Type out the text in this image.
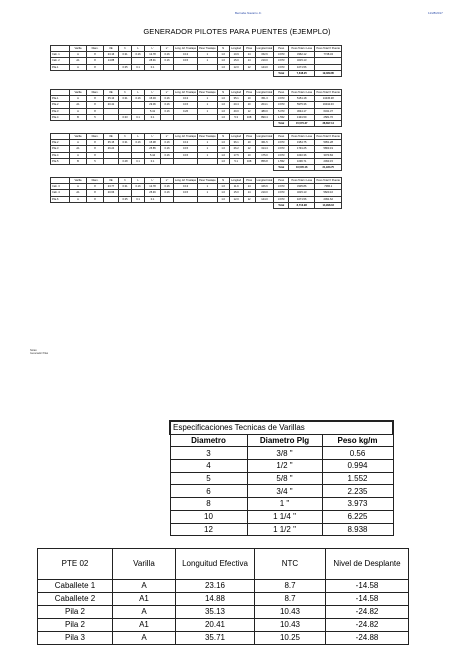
Bernabe Navarro Jr.	11/28/2017
GENERADOR PILOTES PARA PUENTES (EJEMPLO)
	Varilla	Diam.	#E	h	L	L'	L''	Long. Ef. Traslape	Peso Traslape	N	Longitud	Pzas	Longitud total	Peso	Peso Total x Losa	Peso Total X Puente
Cab. 1	A	8	23.16	0.31	0.16	12.78	0.16	0.13	1	1.0	10.9	14	152.6	3.973	3362.12	7748.34
Cab. 2	A1	8	14.88			28.91	0.16	0.15	1	1.0	15.0	14	210.0	3.973	3215.13	
Pila 1	A	8		0.35	0.1	0.1				1.0	12.0	12	144.0	3.973	1071.56	
														Total	7,648.25	19,089.85
	Varilla	Diam.	#E	h	L	L'	L''	Long. Ef. Traslape	Peso Traslape	N	Longitud	Pzas	Longitud total	Peso	Peso Total x Losa	Peso Total X Puente
Pila 1	A	8	35.13	0.31	0.16	15.03	0.16	0.13	1	1.0	35.1	10	351.3	3.973	5151.18	13445.28
Pila 2	A1	8	20.41			29.06	0.16	0.15	1	1.0	20.4	10	204.1	3.973	5975.36	16042.03
Pila 3	A	8				5.41	0.16	0.26	1	1.0	40.0	12	480.0	5.373	3044.17	6341.37
Pila 4	B	5		0.33	0.1	0.1				1.0	5.3	168	890.4	1.552	1391.59	2581.76
														Total	15,570.37	38,897.14
	Varilla	Diam.	#E	h	L	L'	L''	Long. Ef. Traslape	Peso Traslape	N	Longitud	Pzas	Longitud total	Peso	Peso Total x Losa	Peso Total X Puente
Pila 2	A	8	35.15	0.31	0.16	15.38	0.16	0.13	1	1.0	36.1	10	361.5	3.973	1954.75	5951.28
Pila 3	A1	8	26.24			25.85	0.16	0.15	1	1.0	26.2	12	314.4	3.973	1791.25	5863.19
Pila 4	A	8				5.44	0.16	0.15	1	1.0	17.5	10	175.0	3.973	1040.36	3073.84
Pila 5	B	5		0.28	0.1	0.1				1.0	5.1	168	856.8	1.552	1096.71	2093.15
														Total	10,505.16	21,933.75
	Varilla	Diam.	#E	h	L	L'	L''	Long. Ef. Traslape	Peso Traslape	N	Longitud	Pzas	Longitud total	Peso	Peso Total x Losa	Peso Total X Puente
Cab. 3	A	8	23.77	0.31	0.16	12.78	0.16	0.13	1	1.0	11.9	14	166.6	3.973	3335.86	7086.1
Cab. 4	A1	8	20.66			25.46	0.16	0.15	1	1.0	15.0	14	210.0	3.973	3215.13	5820.16
Pila 6	A	8		0.35	0.1	0.1				1.0	12.0	12	144.0	3.973	1071.56	2091.62
														Total	8,713.98	14,998.16
Notas:
Generador Pilas
Especificaciones Tecnicas de Varillas		
Diametro	Diametro Plg	Peso kg/m
3	3/8 "	0.56
4	1/2 "	0.994
5	5/8 "	1.552
6	3/4 "	2.235
8	1 "	3.973
10	1 1/4 "	6.225
12	1 1/2 "	8.938
PTE 02	Varilla	Longuitud Efectiva	NTC	Nivel de Desplante
Caballete 1	A	23.16	8.7	-14.58
Caballete 2	A1	14.88	8.7	-14.58
Pila 2	A	35.13	10.43	-24.82
Pila 2	A1	20.41	10.43	-24.82
Pila 3	A	35.71	10.25	-24.88
